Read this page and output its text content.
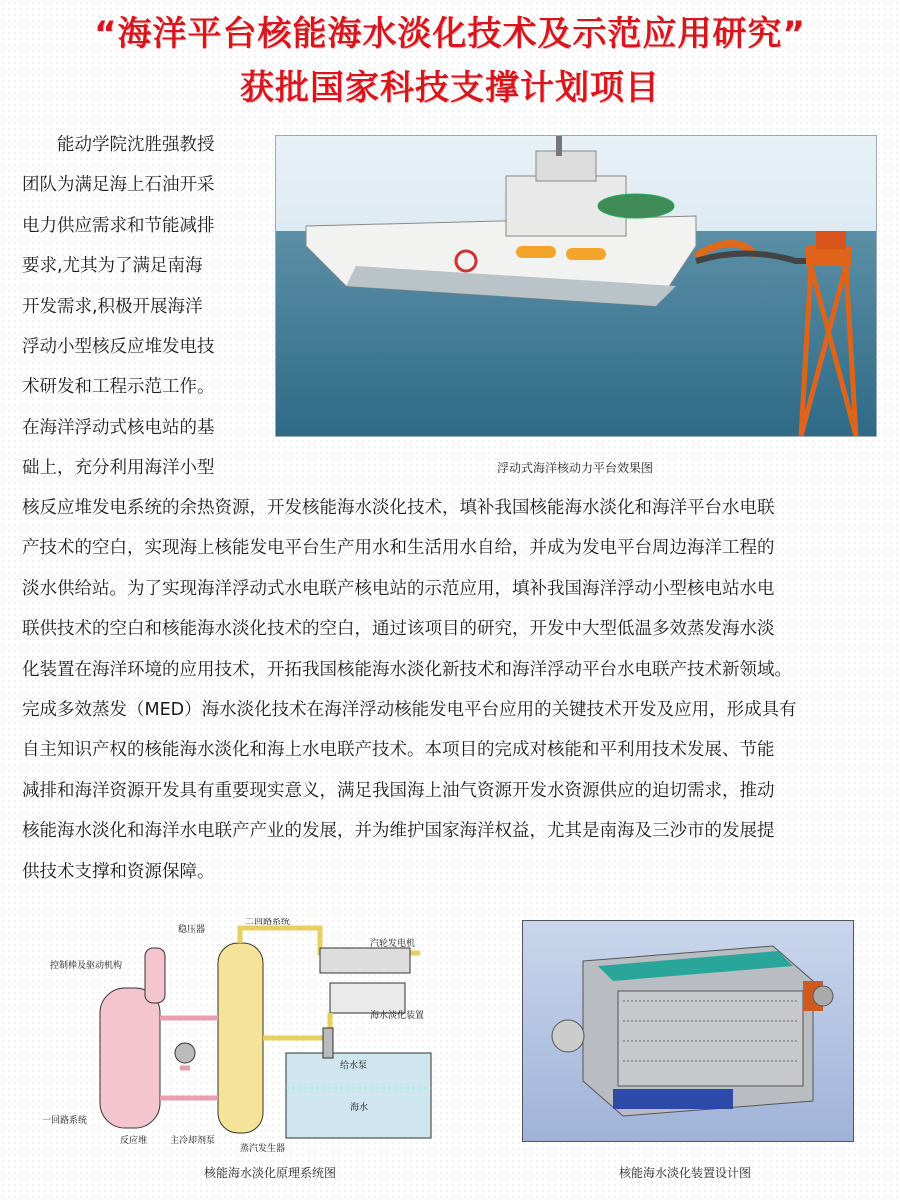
“海洋平台核能海水淡化技术及示范应用研究”
获批国家科技支撑计划项目
能动学院沈胜强教授
团队为满足海上石油开采
电力供应需求和节能减排
要求,尤其为了满足南海
开发需求,积极开展海洋
浮动小型核反应堆发电技
术研发和工程示范工作。
在海洋浮动式核电站的基
础上，充分利用海洋小型	浮动式海洋核动力平台效果图
核反应堆发电系统的余热资源，开发核能海水淡化技术，填补我国核能海水淡化和海洋平台水电联
产技术的空白，实现海上核能发电平台生产用水和生活用水自给，并成为发电平台周边海洋工程的
淡水供给站。为了实现海洋浮动式水电联产核电站的示范应用，填补我国海洋浮动小型核电站水电
联供技术的空白和核能海水淡化技术的空白，通过该项目的研究，开发中大型低温多效蒸发海水淡
化装置在海洋环境的应用技术，开拓我国核能海水淡化新技术和海洋浮动平台水电联产技术新领域。
完成多效蒸发（MED）海水淡化技术在海洋浮动核能发电平台应用的关键技术开发及应用，形成具有
自主知识产权的核能海水淡化和海上水电联产技术。本项目的完成对核能和平利用技术发展、节能
减排和海洋资源开发具有重要现实意义，满足我国海上油气资源开发水资源供应的迫切需求，推动
核能海水淡化和海洋水电联产产业的发展，并为维护国家海洋权益，尤其是南海及三沙市的发展提
供技术支撑和资源保障。
控制棒及驱动机构
稳压器
二回路系统
汽轮发电机
海水淡化装置
给水泵
海水
一回路系统
反应堆	主冷却剂泵
蒸汽发生器
核能海水淡化原理系统图	核能海水淡化装置设计图
